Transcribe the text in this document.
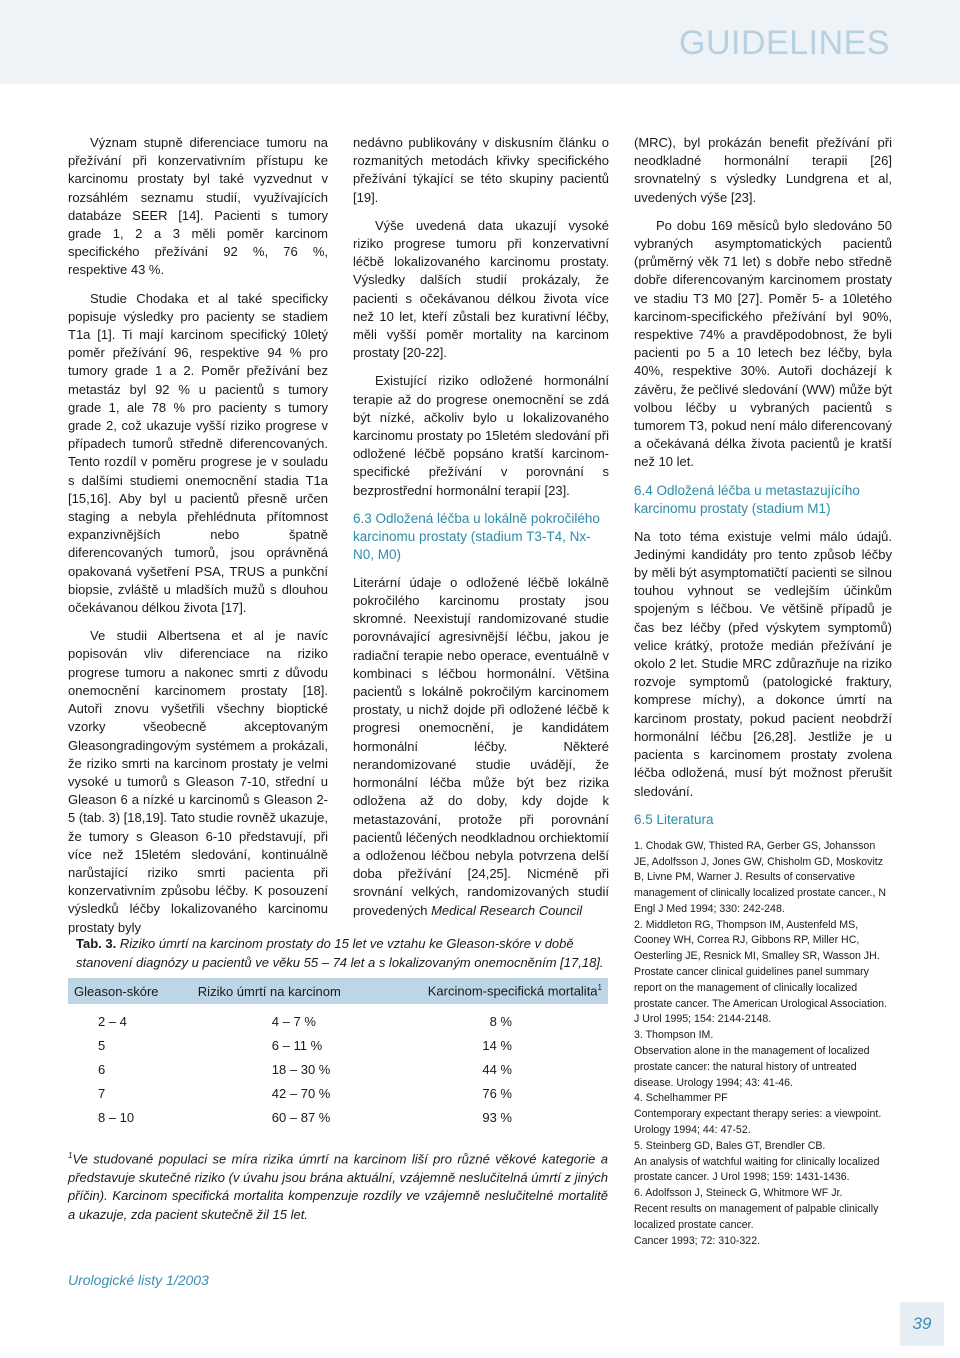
GUIDELINES

Význam stupně diferenciace tumoru na přežívání při konzervativním přístupu ke karcinomu prostaty byl také vyzvednut v rozsáhlém seznamu studií, využívajících databáze SEER [14]. Pacienti s tumory grade 1, 2 a 3 měli poměr karcinom specifického přežívání 92 %, 76 %, respektive 43 %.

Studie Chodaka et al také specificky popisuje výsledky pro pacienty se stadiem T1a [1]. Ti mají karcinom specifický 10letý poměr přežívání 96, respektive 94 % pro tumory grade 1 a 2. Poměr přežívání bez metastáz byl 92 % u pacientů s tumory grade 1, ale 78 % pro pacienty s tumory grade 2, což ukazuje vyšší riziko progrese v případech tumorů středně diferencovaných. Tento rozdíl v poměru progrese je v souladu s dalšími studiemi onemocnění stadia T1a [15,16]. Aby byl u pacientů přesně určen staging a nebyla přehlédnuta přítomnost expanzivnějších nebo špatně diferencovaných tumorů, jsou oprávněná opakovaná vyšetření PSA, TRUS a punkční biopsie, zvláště u mladších mužů s dlouhou očekávanou délkou života [17].

Ve studii Albertsena et al je navíc popisován vliv diferenciace na riziko progrese tumoru a nakonec smrti z důvodu onemocnění karcinomem prostaty [18]. Autoři znovu vyšetřili všechny bioptické vzorky všeobecně akceptovaným Gleasongradingovým systémem a prokázali, že riziko smrti na karcinom prostaty je velmi vysoké u tumorů s Gleason 7-10, střední u Gleason 6 a nízké u karcinomů s Gleason 2-5 (tab. 3) [18,19]. Tato studie rovněž ukazuje, že tumory s Gleason 6-10 představují, při více než 15letém sledování, kontinuálně narůstající riziko smrti pacienta při konzervativním způsobu léčby. K posouzení výsledků léčby lokalizovaného karcinomu prostaty byly

nedávno publikovány v diskusním článku o rozmanitých metodách křivky specifického přežívání týkající se této skupiny pacientů [19].

Výše uvedená data ukazují vysoké riziko progrese tumoru při konzervativní léčbě lokalizovaného karcinomu prostaty. Výsledky dalších studií prokázaly, že pacienti s očekávanou délkou života více než 10 let, kteří zůstali bez kurativní léčby, měli vyšší poměr mortality na karcinom prostaty [20-22].

Existující riziko odložené hormonální terapie až do progrese onemocnění se zdá být nízké, ačkoliv bylo u lokalizovaného karcinomu prostaty po 15letém sledování při odložené léčbě popsáno kratší karcinom-specifické přežívání v porovnání s bezprostřední hormonální terapií [23].

6.3 Odložená léčba u lokálně pokročilého karcinomu prostaty (stadium T3-T4, Nx-N0, M0)

Literární údaje o odložené léčbě lokálně pokročilého karcinomu prostaty jsou skromné. Neexistují randomizované studie porovnávající agresivnější léčbu, jakou je radiační terapie nebo operace, eventuálně v kombinaci s léčbou hormonální. Většina pacientů s lokálně pokročilým karcinomem prostaty, u nichž dojde při odložené léčbě k progresi onemocnění, je kandidátem hormonální léčby. Některé nerandomizované studie uvádějí, že hormonální léčba může být bez rizika odložena až do doby, kdy dojde k metastazování, protože při porovnání pacientů léčených neodkladnou orchiektomií a odloženou léčbou nebyla potvrzena delší doba přežívání [24,25]. Nicméně při srovnání velkých, randomizovaných studií provedených Medical Research Council

(MRC), byl prokázán benefit přežívání při neodkladné hormonální terapii [26] srovnatelný s výsledky Lundgrena et al, uvedených výše [23].

Po dobu 169 měsíců bylo sledováno 50 vybraných asymptomatických pacientů (průměrný věk 71 let) s dobře nebo středně dobře diferencovaným karcinomem prostaty ve stadiu T3 M0 [27]. Poměr 5- a 10letého karcinom-specifického přežívání byl 90%, respektive 74% a pravděpodobnost, že byli pacienti po 5 a 10 letech bez léčby, byla 40%, respektive 30%. Autoři docházejí k závěru, že pečlivé sledování (WW) může být volbou léčby u vybraných pacientů s tumorem T3, pokud není málo diferencovaný a očekávaná délka života pacientů je kratší než 10 let.

6.4 Odložená léčba u metastazujícího karcinomu prostaty (stadium M1)

Na toto téma existuje velmi málo údajů. Jedinými kandidáty pro tento způsob léčby by měli být asymptomatičtí pacienti se silnou touhou vyhnout se vedlejším účinkům spojeným s léčbou. Ve většině případů je čas bez léčby (před výskytem symptomů) velice krátký, protože medián přežívání je okolo 2 let. Studie MRC zdůrazňuje na riziko rozvoje symptomů (patologické fraktury, komprese míchy), a dokonce úmrtí na karcinom prostaty, pokud pacient neobdrží hormonální léčbu [26,28]. Jestliže je u pacienta s karcinomem prostaty zvolena léčba odložená, musí být možnost přerušit sledování.

6.5 Literatura
1. Chodak GW, Thisted RA, Gerber GS, Johansson JE, Adolfsson J, Jones GW, Chisholm GD, Moskovitz B, Livne PM, Warner J. Results of conservative management of clinically localized prostate cancer., N Engl J Med 1994; 330: 242-248.
2. Middleton RG, Thompson IM, Austenfeld MS, Cooney WH, Correa RJ, Gibbons RP, Miller HC, Oesterling JE, Resnick MI, Smalley SR, Wasson JH. Prostate cancer clinical guidelines panel summary report on the management of clinically localized prostate cancer. The American Urological Association. J Urol 1995; 154: 2144-2148.
3. Thompson IM.
Observation alone in the management of localized prostate cancer: the natural history of untreated disease. Urology 1994; 43: 41-46.
4. Schelhammer PF
Contemporary expectant therapy series: a viewpoint. Urology 1994; 44: 47-52.
5. Steinberg GD, Bales GT, Brendler CB.
An analysis of watchful waiting for clinically localized prostate cancer. J Urol 1998; 159: 1431-1436.
6. Adolfsson J, Steineck G, Whitmore WF Jr.
Recent results on management of palpable clinically localized prostate cancer.
Cancer 1993; 72: 310-322.
Tab. 3. Riziko úmrtí na karcinom prostaty do 15 let ve vztahu ke Gleason-skóre v době stanovení diagnózy u pacientů ve věku 55 – 74 let a s lokalizovaným onemocněním [17,18].
Gleason-skóre	Riziko úmrtí na karcinom	Karcinom-specifická mortalita$^1$
2 – 4	4 – 7 %	8 %
5	6 – 11 %	14 %
6	18 – 30 %	44 %
7	42 – 70 %	76 %
8 – 10	60 – 87 %	93 %

$^1$Ve studované populaci se míra rizika úmrtí na karcinom liší pro různé věkové kategorie a představuje skutečné riziko (v úvahu jsou brána aktuální, vzájemně neslučitelná úmrtí z jiných příčin). Karcinom specifická mortalita kompenzuje rozdíly ve vzájemně neslučitelné mortalitě a ukazuje, zda pacient skutečně žil 15 let.

Urologické listy 1/2003
39
